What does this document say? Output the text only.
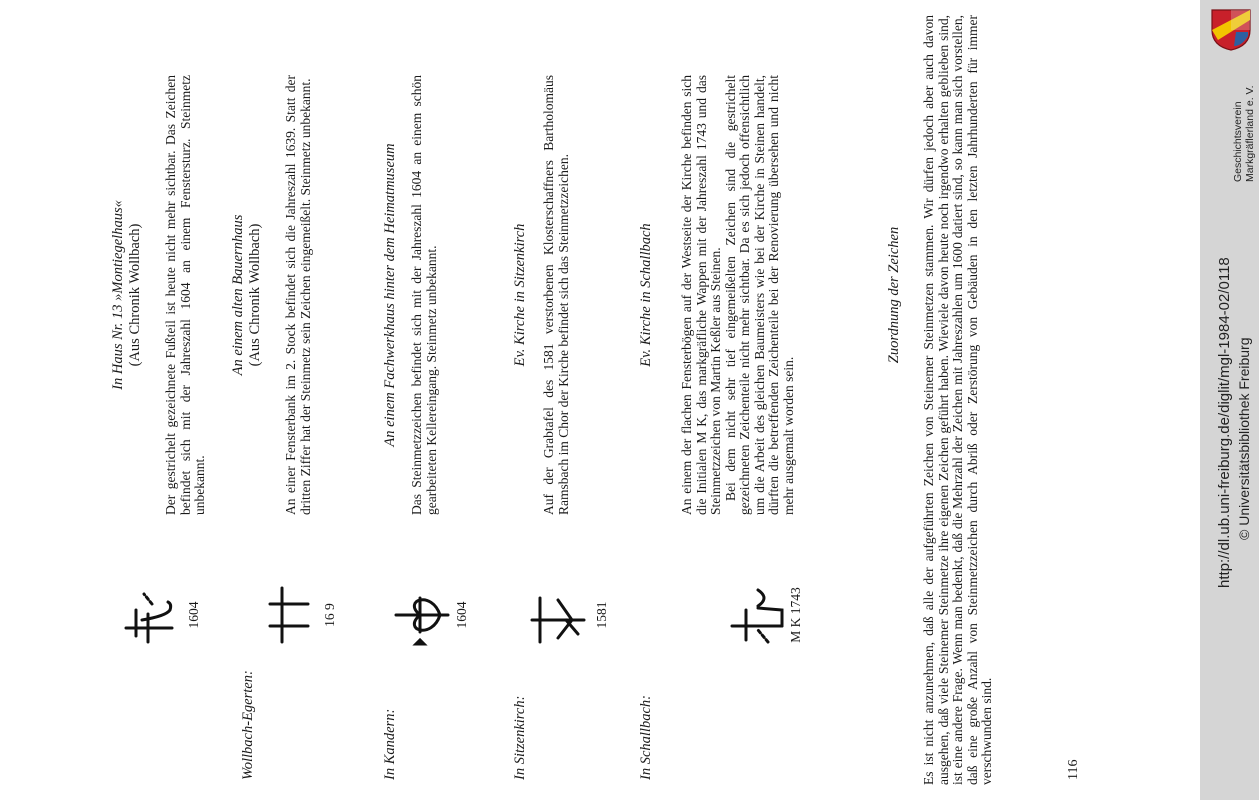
In Haus Nr. 13 »Montiegelhaus« (Aus Chronik Wollbach) Der gestrichelt gezeichnete Fußteil ist heute nicht mehr sichtbar. Das Zeichen befindet sich mit der Jahreszahl 1604 an einem Fenstersturz. Steinmetz unbekannt.

1604
Wollbach-Egerten:
An einem alten Bauernhaus (Aus Chronik Wollbach) An einer Fensterbank im 2. Stock befindet sich die Jahreszahl 1639. Statt der dritten Ziffer hat der Steinmetz sein Zeichen eingemeißelt. Steinmetz unbekannt.

16 9
In Kandern:
An einem Fachwerkhaus hinter dem Heimatmuseum Das Steinmetzzeichen befindet sich mit der Jahreszahl 1604 an einem schön gearbeiteten Kellereingang. Steinmetz unbekannt.

1604
In Sitzenkirch:
Ev. Kirche in Sitzenkirch Auf der Grabtafel des 1581 verstorbenen Klosterschaffners Bartholomäus Ramsbach im Chor der Kirche befindet sich das Steinmetzzeichen.

1581
In Schallbach:
Ev. Kirche in Schallbach An einem der flachen Fensterbögen auf der Westseite der Kirche befinden sich die Initialen M K, das markgräfliche Wappen mit der Jahreszahl 1743 und das Steinmetzzeichen von Martin Keßler aus Steinen. Bei dem nicht sehr tief eingemeißelten Zeichen sind die gestrichelt gezeichneten Zeichenteile nicht mehr sichtbar. Da es sich jedoch offensichtlich um die Arbeit des gleichen Baumeisters wie bei der Kirche in Steinen handelt, dürften die betreffenden Zeichenteile bei der Renovierung übersehen und nicht mehr ausgemalt worden sein.

M K 1743
Zuordnung der Zeichen Es ist nicht anzunehmen, daß alle der aufgeführten Zeichen von Steinemer Steinmetzen stammen. Wir dürfen jedoch aber auch davon ausgehen, daß viele Steinemer Steinmetze ihre eigenen Zeichen geführt haben. Wieviele davon heute noch irgendwo erhalten geblieben sind, ist eine andere Frage. Wenn man bedenkt, daß die Mehrzahl der Zeichen mit Jahreszahlen um 1600 datiert sind, so kann man sich vorstellen, daß eine große Anzahl von Steinmetzzeichen durch Abriß oder Zerstörung von Gebäuden in den letzten Jahrhunderten für immer verschwunden sind.	116
Geschichtsverein Markgräflerland e. V.
http://dl.ub.uni-freiburg.de/diglit/mgl-1984-02/0118 © Universitätsbibliothek Freiburg
